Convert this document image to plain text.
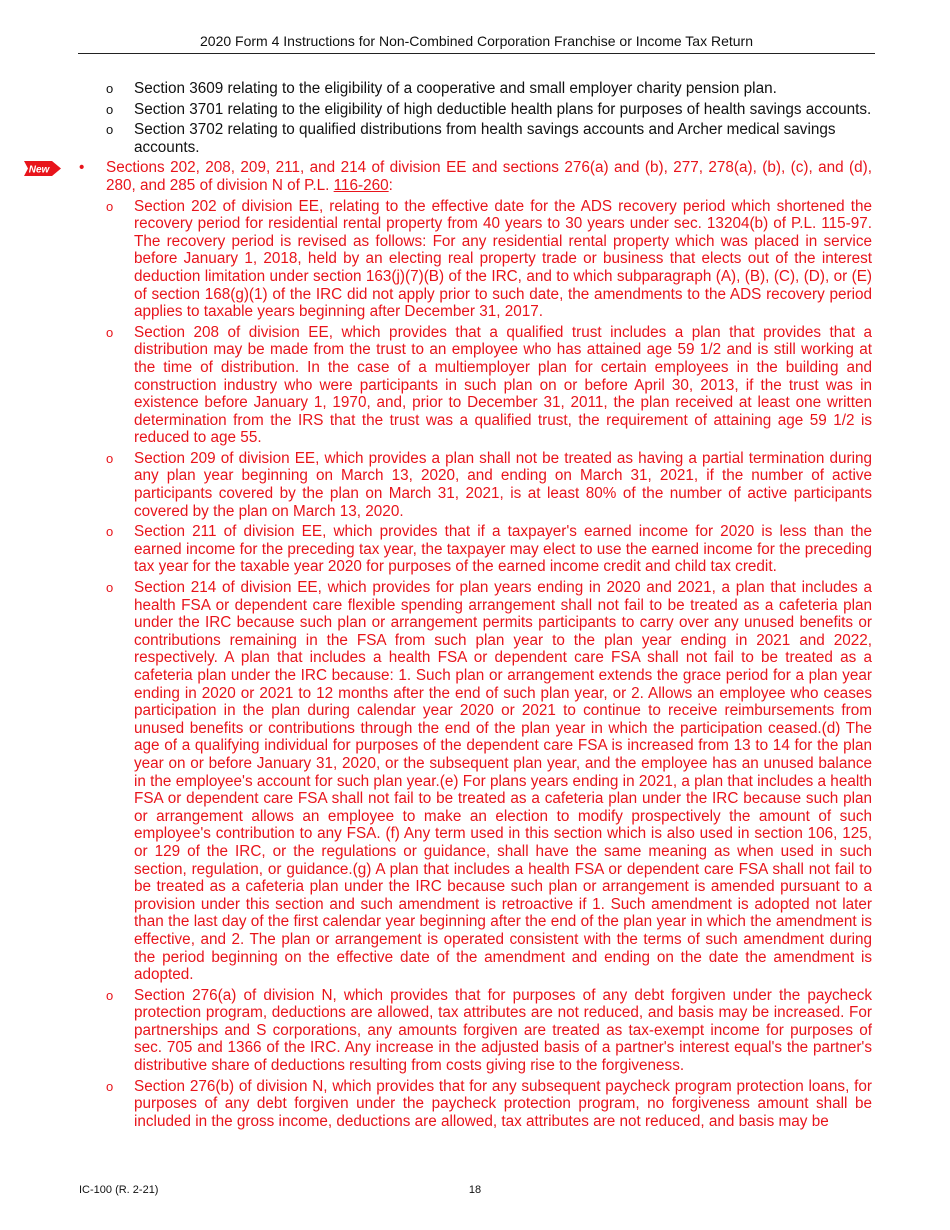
2020 Form 4 Instructions for Non-Combined Corporation Franchise or Income Tax Return
o Section 3609 relating to the eligibility of a cooperative and small employer charity pension plan.
o Section 3701 relating to the eligibility of high deductible health plans for purposes of health savings accounts.
o Section 3702 relating to qualified distributions from health savings accounts and Archer medical savings accounts.
New • Sections 202, 208, 209, 211, and 214 of division EE and sections 276(a) and (b), 277, 278(a), (b), (c), and (d), 280, and 285 of division N of P.L. 116-260:
o Section 202 of division EE, relating to the effective date for the ADS recovery period which shortened the recovery period for residential rental property from 40 years to 30 years under sec. 13204(b) of P.L. 115-97. The recovery period is revised as follows: For any residential rental property which was placed in service before January 1, 2018, held by an electing real property trade or business that elects out of the interest deduction limitation under section 163(j)(7)(B) of the IRC, and to which subparagraph (A), (B), (C), (D), or (E) of section 168(g)(1) of the IRC did not apply prior to such date, the amendments to the ADS recovery period applies to taxable years beginning after December 31, 2017.
o Section 208 of division EE, which provides that a qualified trust includes a plan that provides that a distribution may be made from the trust to an employee who has attained age 59 1/2 and is still working at the time of distribution. In the case of a multiemployer plan for certain employees in the building and construction industry who were participants in such plan on or before April 30, 2013, if the trust was in existence before January 1, 1970, and, prior to December 31, 2011, the plan received at least one written determination from the IRS that the trust was a qualified trust, the requirement of attaining age 59 1/2 is reduced to age 55.
o Section 209 of division EE, which provides a plan shall not be treated as having a partial termination during any plan year beginning on March 13, 2020, and ending on March 31, 2021, if the number of active participants covered by the plan on March 31, 2021, is at least 80% of the number of active participants covered by the plan on March 13, 2020.
o Section 211 of division EE, which provides that if a taxpayer's earned income for 2020 is less than the earned income for the preceding tax year, the taxpayer may elect to use the earned income for the preceding tax year for the taxable year 2020 for purposes of the earned income credit and child tax credit.
o Section 214 of division EE, which provides for plan years ending in 2020 and 2021, a plan that includes a health FSA or dependent care flexible spending arrangement shall not fail to be treated as a cafeteria plan under the IRC because such plan or arrangement permits participants to carry over any unused benefits or contributions remaining in the FSA from such plan year to the plan year ending in 2021 and 2022, respectively. A plan that includes a health FSA or dependent care FSA shall not fail to be treated as a cafeteria plan under the IRC because: 1. Such plan or arrangement extends the grace period for a plan year ending in 2020 or 2021 to 12 months after the end of such plan year, or 2. Allows an employee who ceases participation in the plan during calendar year 2020 or 2021 to continue to receive reimbursements from unused benefits or contributions through the end of the plan year in which the participation ceased.(d) The age of a qualifying individual for purposes of the dependent care FSA is increased from 13 to 14 for the plan year on or before January 31, 2020, or the subsequent plan year, and the employee has an unused balance in the employee's account for such plan year.(e) For plans years ending in 2021, a plan that includes a health FSA or dependent care FSA shall not fail to be treated as a cafeteria plan under the IRC because such plan or arrangement allows an employee to make an election to modify prospectively the amount of such employee's contribution to any FSA. (f) Any term used in this section which is also used in section 106, 125, or 129 of the IRC, or the regulations or guidance, shall have the same meaning as when used in such section, regulation, or guidance.(g) A plan that includes a health FSA or dependent care FSA shall not fail to be treated as a cafeteria plan under the IRC because such plan or arrangement is amended pursuant to a provision under this section and such amendment is retroactive if 1. Such amendment is adopted not later than the last day of the first calendar year beginning after the end of the plan year in which the amendment is effective, and 2. The plan or arrangement is operated consistent with the terms of such amendment during the period beginning on the effective date of the amendment and ending on the date the amendment is adopted.
o Section 276(a) of division N, which provides that for purposes of any debt forgiven under the paycheck protection program, deductions are allowed, tax attributes are not reduced, and basis may be increased. For partnerships and S corporations, any amounts forgiven are treated as tax-exempt income for purposes of sec. 705 and 1366 of the IRC. Any increase in the adjusted basis of a partner's interest equal's the partner's distributive share of deductions resulting from costs giving rise to the forgiveness.
o Section 276(b) of division N, which provides that for any subsequent paycheck program protection loans, for purposes of any debt forgiven under the paycheck protection program, no forgiveness amount shall be included in the gross income, deductions are allowed, tax attributes are not reduced, and basis may be
IC-100 (R. 2-21)	18
